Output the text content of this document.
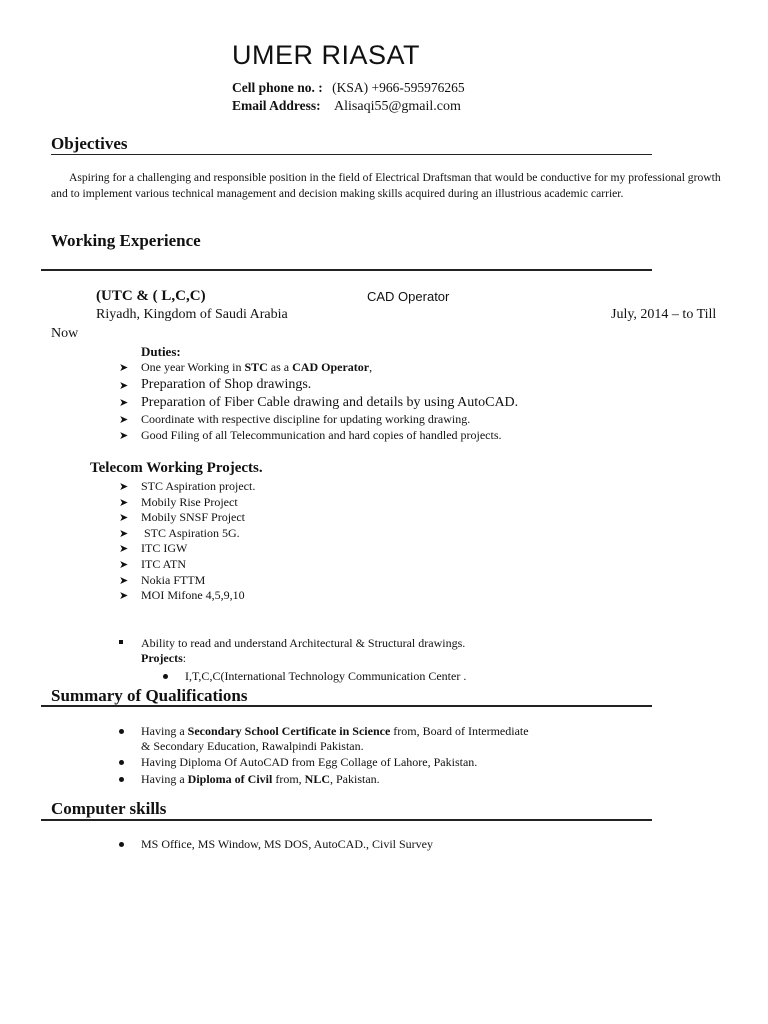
UMER RIASAT
Cell phone no. : (KSA) +966-595976265
Email Address: Alisaqi55@gmail.com
Objectives
Aspiring for a challenging and responsible position in the field of Electrical Draftsman that would be conductive for my professional growth and to implement various technical management and decision making skills acquired during an illustrious academic carrier.
Working Experience
(UTC & ( L,C,C)	CAD Operator
Riyadh, Kingdom of Saudi Arabia	July, 2014 – to Till
Now
Duties:
➤ One year Working in STC as a CAD Operator,
➤ Preparation of Shop drawings.
➤ Preparation of Fiber Cable drawing and details by using AutoCAD.
➤ Coordinate with respective discipline for updating working drawing.
➤ Good Filing of all Telecommunication and hard copies of handled projects.
Telecom Working Projects.
➤ STC Aspiration project.
➤ Mobily Rise Project
➤ Mobily SNSF Project
➤ STC Aspiration 5G.
➤ ITC IGW
➤ ITC ATN
➤ Nokia FTTM
➤ MOI Mifone 4,5,9,10
Ability to read and understand Architectural & Structural drawings.
Projects:
I,T,C,C(International Technology Communication Center .
Summary of Qualifications
Having a Secondary School Certificate in Science from, Board of Intermediate
& Secondary Education, Rawalpindi Pakistan.
Having Diploma Of AutoCAD from Egg Collage of Lahore, Pakistan.
Having a Diploma of Civil from, NLC, Pakistan.
Computer skills
MS Office, MS Window, MS DOS, AutoCAD., Civil Survey
